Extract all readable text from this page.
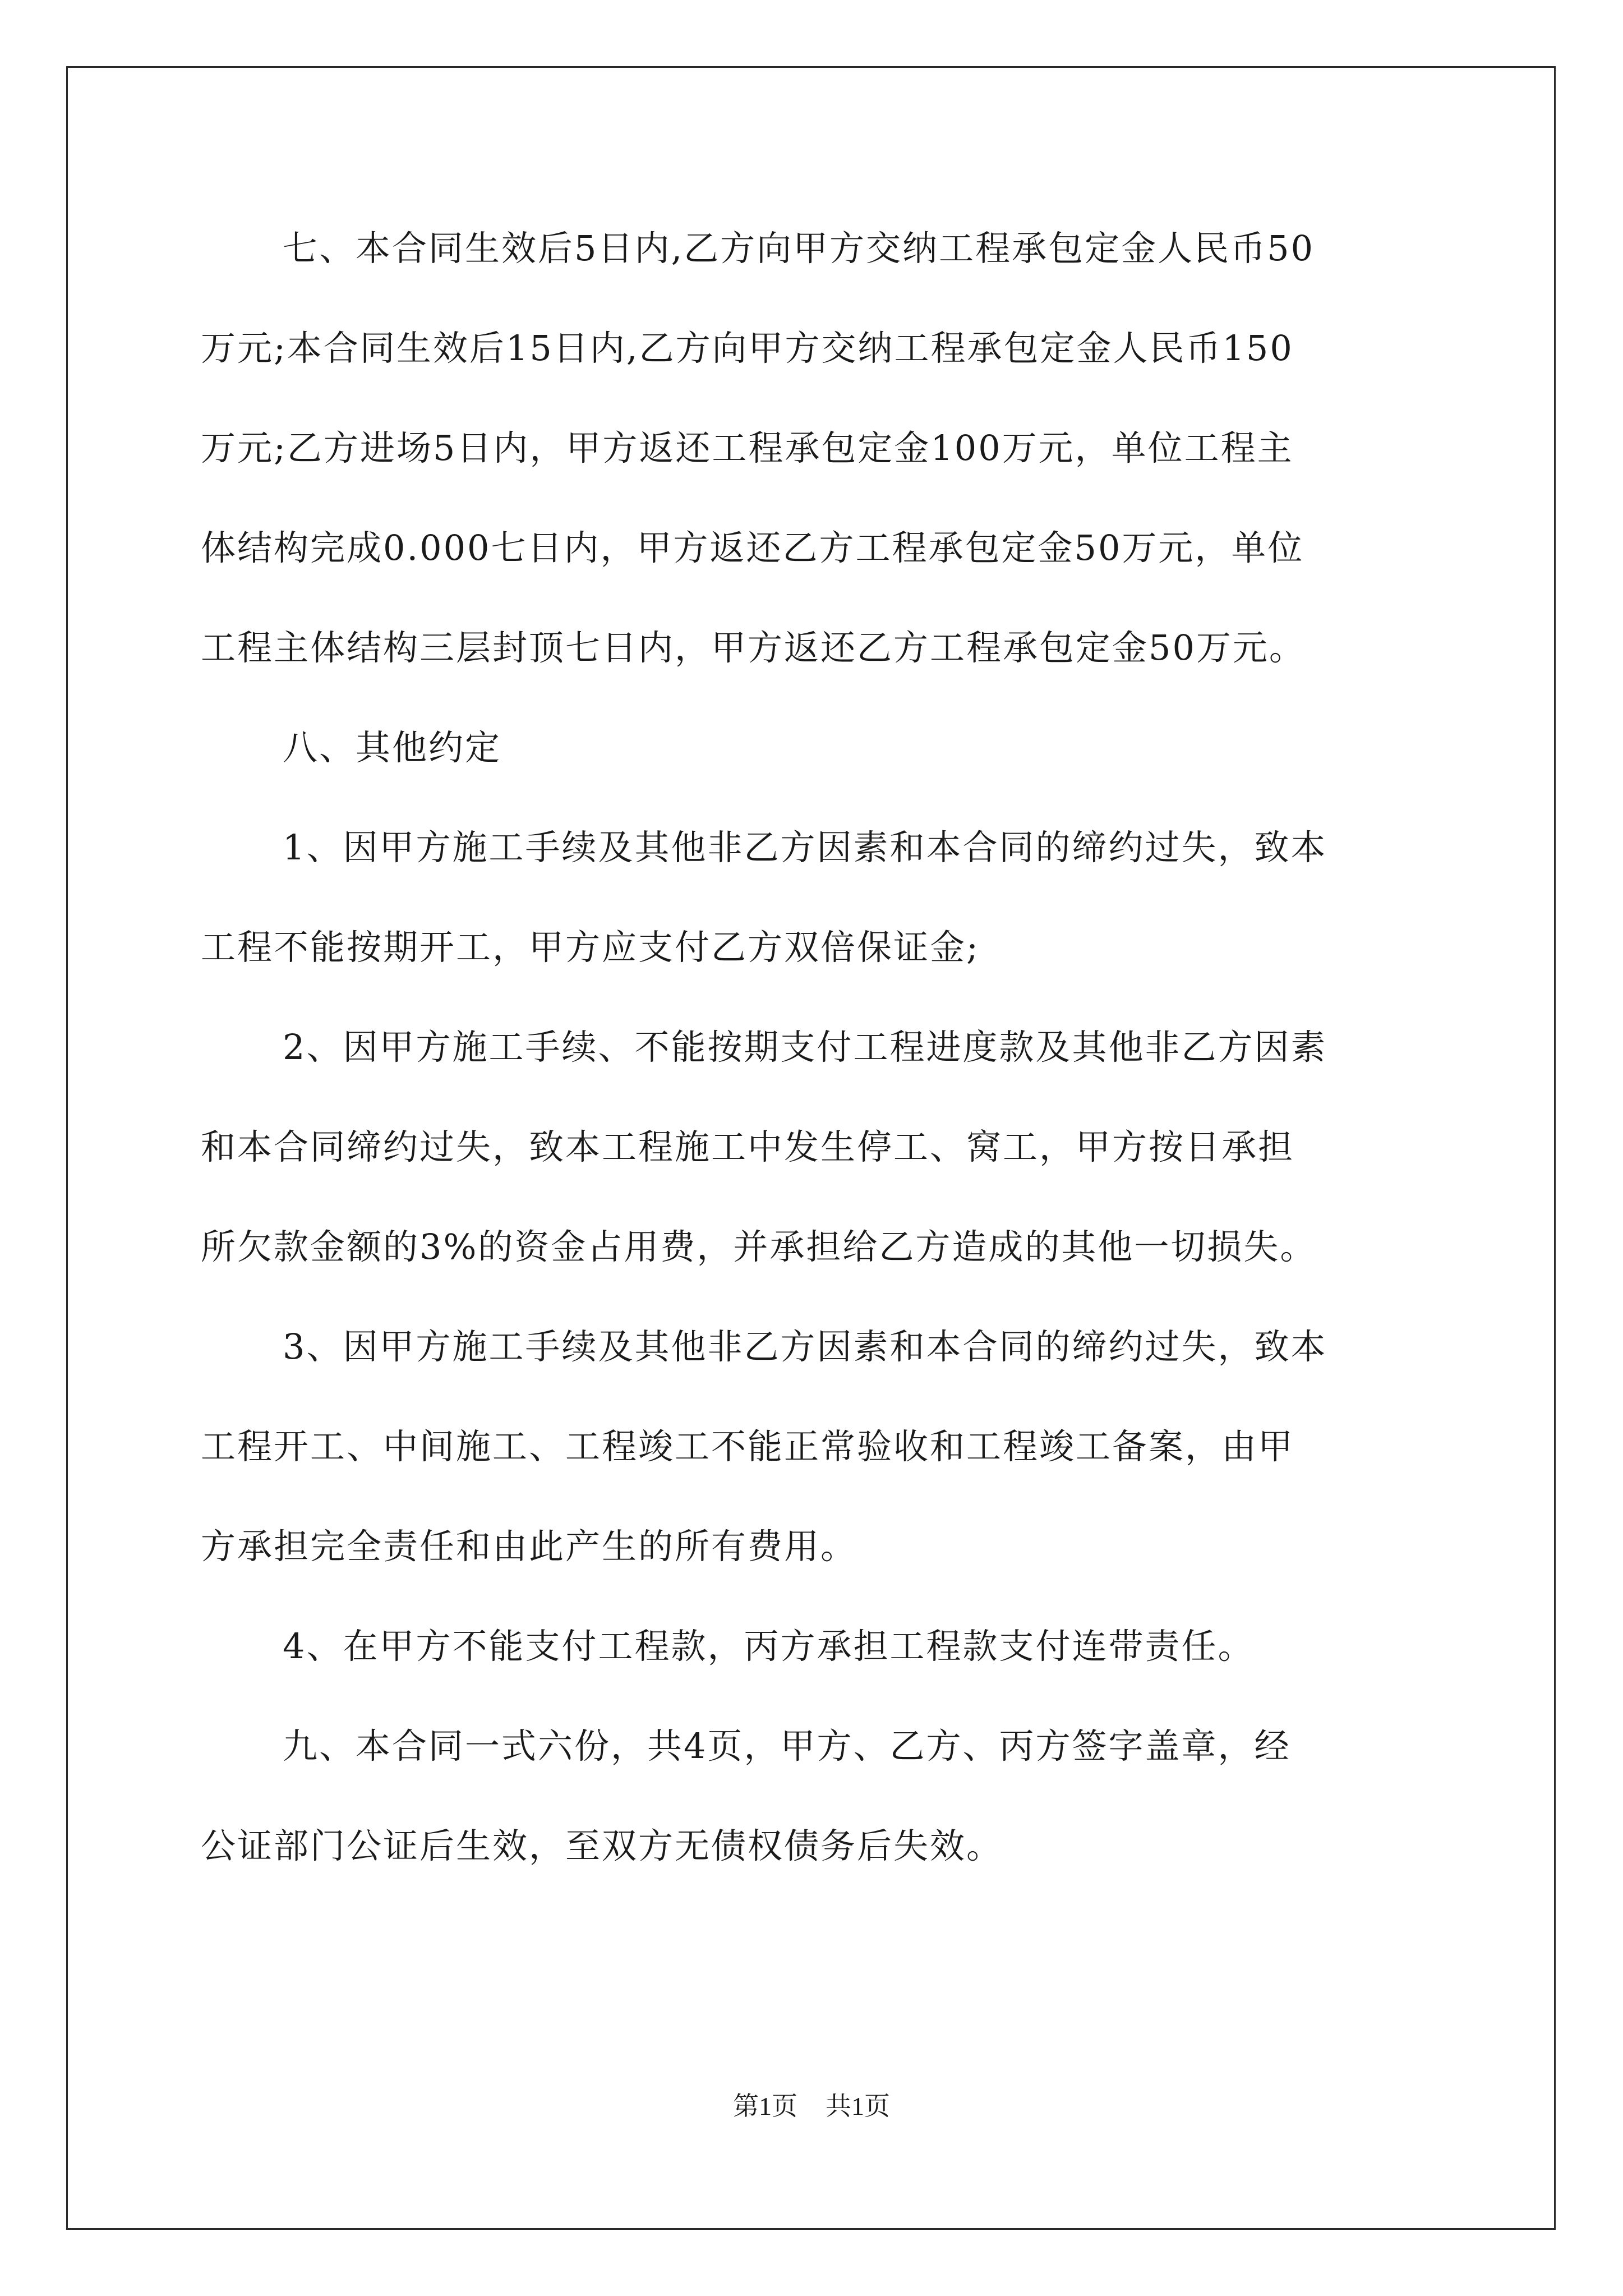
七、本合同生效后5日内,乙方向甲方交纳工程承包定金人民币50
万元;本合同生效后15日内,乙方向甲方交纳工程承包定金人民币150
万元;乙方进场5日内，甲方返还工程承包定金100万元，单位工程主
体结构完成0.000七日内，甲方返还乙方工程承包定金50万元，单位
工程主体结构三层封顶七日内，甲方返还乙方工程承包定金50万元。
八、其他约定
1、因甲方施工手续及其他非乙方因素和本合同的缔约过失，致本
工程不能按期开工，甲方应支付乙方双倍保证金;
2、因甲方施工手续、不能按期支付工程进度款及其他非乙方因素
和本合同缔约过失，致本工程施工中发生停工、窝工，甲方按日承担
所欠款金额的3%的资金占用费，并承担给乙方造成的其他一切损失。
3、因甲方施工手续及其他非乙方因素和本合同的缔约过失，致本
工程开工、中间施工、工程竣工不能正常验收和工程竣工备案，由甲
方承担完全责任和由此产生的所有费用。
4、在甲方不能支付工程款，丙方承担工程款支付连带责任。
九、本合同一式六份，共4页，甲方、乙方、丙方签字盖章，经
公证部门公证后生效，至双方无债权债务后失效。
第1页 共1页
